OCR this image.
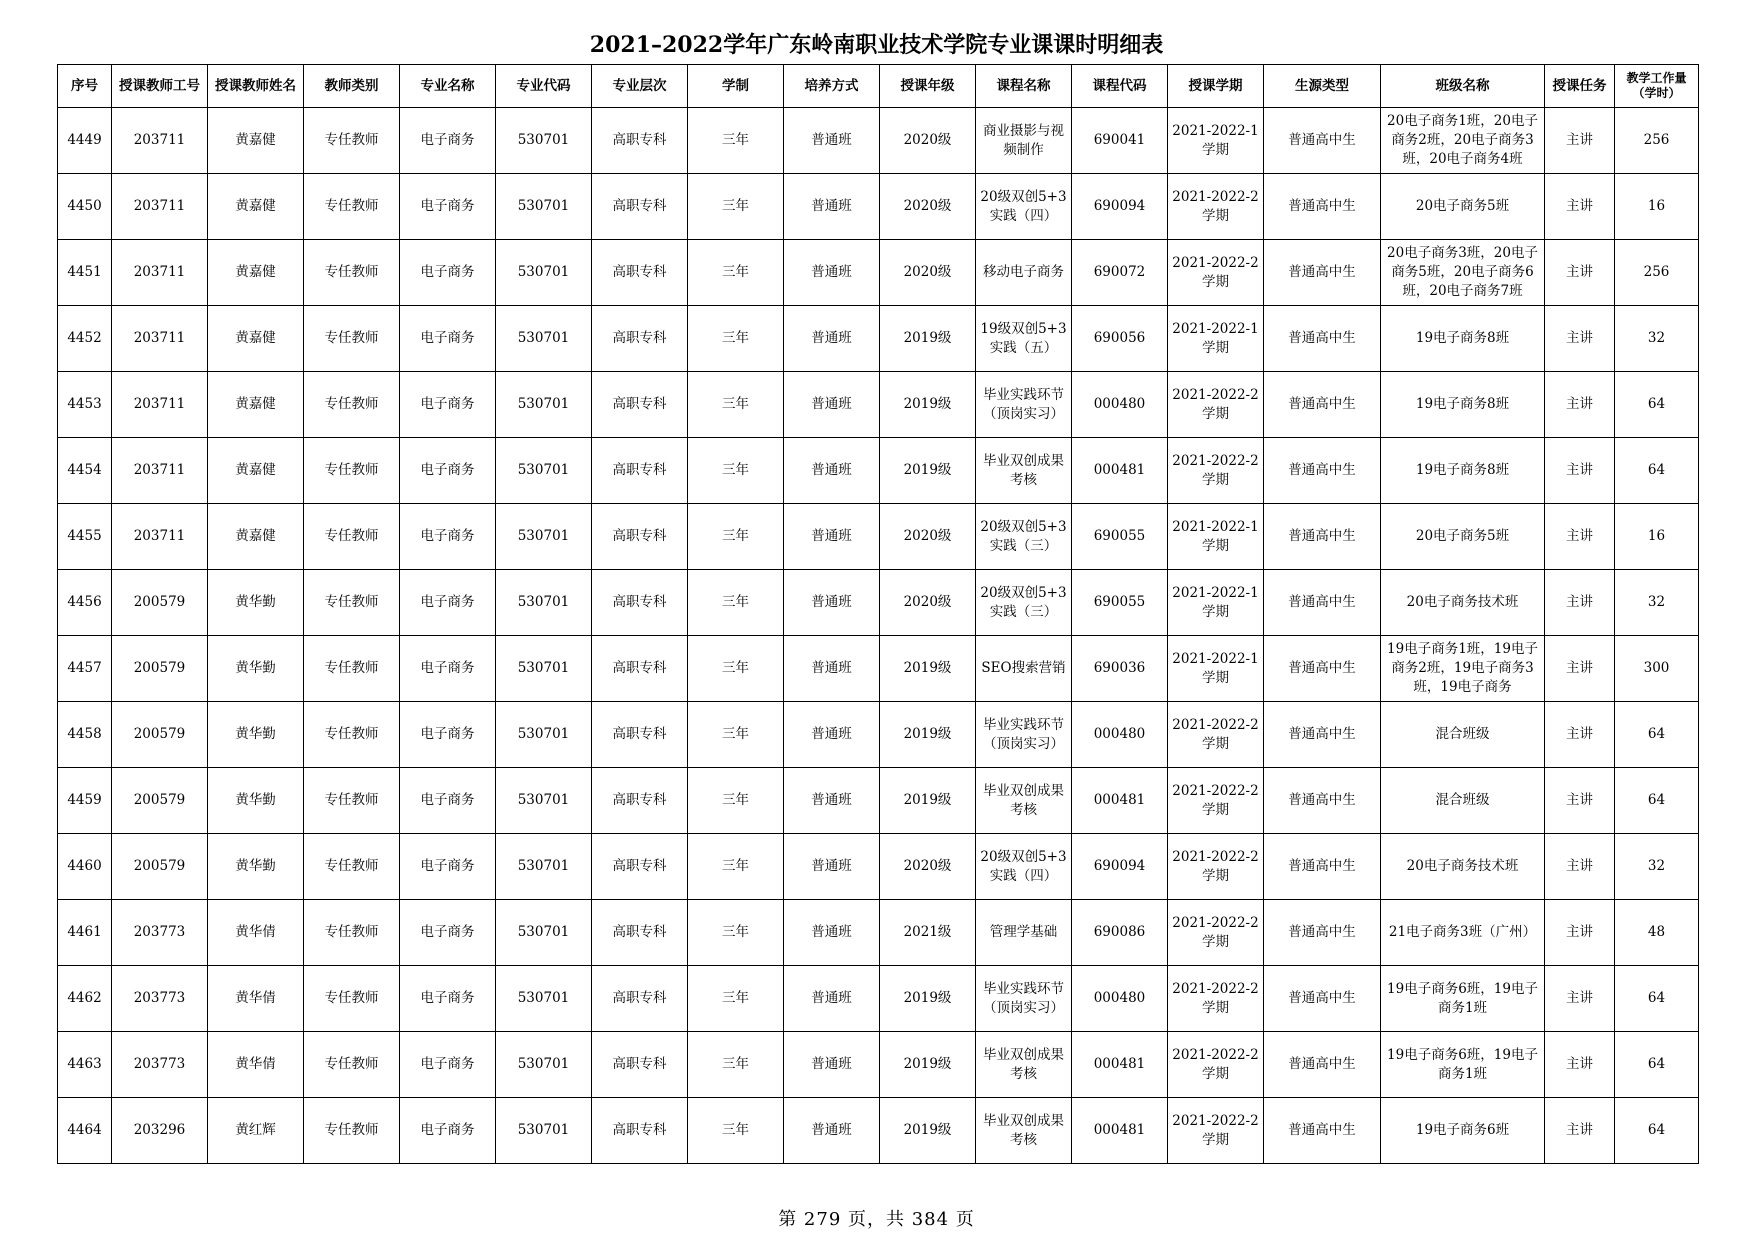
2021–2022学年广东岭南职业技术学院专业课课时明细表
序号	授课教师工号	授课教师姓名	教师类别	专业名称	专业代码	专业层次	学制	培养方式	授课年级	课程名称	课程代码	授课学期	生源类型	班级名称	授课任务	教学工作量（学时）

4449	203711	黄嘉健	专任教师	电子商务	530701	高职专科	三年	普通班	2020级	商业摄影与视频制作	690041	2021-2022-1学期	普通高中生	20电子商务1班，20电子商务2班，20电子商务3班，20电子商务4班	主讲	256

4450	203711	黄嘉健	专任教师	电子商务	530701	高职专科	三年	普通班	2020级	20级双创5+3实践（四）	690094	2021-2022-2学期	普通高中生	20电子商务5班	主讲	16

4451	203711	黄嘉健	专任教师	电子商务	530701	高职专科	三年	普通班	2020级	移动电子商务	690072	2021-2022-2学期	普通高中生	20电子商务3班，20电子商务5班，20电子商务6班，20电子商务7班	主讲	256

4452	203711	黄嘉健	专任教师	电子商务	530701	高职专科	三年	普通班	2019级	19级双创5+3实践（五）	690056	2021-2022-1学期	普通高中生	19电子商务8班	主讲	32

4453	203711	黄嘉健	专任教师	电子商务	530701	高职专科	三年	普通班	2019级	毕业实践环节（顶岗实习）	000480	2021-2022-2学期	普通高中生	19电子商务8班	主讲	64

4454	203711	黄嘉健	专任教师	电子商务	530701	高职专科	三年	普通班	2019级	毕业双创成果考核	000481	2021-2022-2学期	普通高中生	19电子商务8班	主讲	64

4455	203711	黄嘉健	专任教师	电子商务	530701	高职专科	三年	普通班	2020级	20级双创5+3实践（三）	690055	2021-2022-1学期	普通高中生	20电子商务5班	主讲	16

4456	200579	黄华勤	专任教师	电子商务	530701	高职专科	三年	普通班	2020级	20级双创5+3实践（三）	690055	2021-2022-1学期	普通高中生	20电子商务技术班	主讲	32

4457	200579	黄华勤	专任教师	电子商务	530701	高职专科	三年	普通班	2019级	SEO搜索营销	690036	2021-2022-1学期	普通高中生	19电子商务1班，19电子商务2班，19电子商务3班，19电子商务	主讲	300

4458	200579	黄华勤	专任教师	电子商务	530701	高职专科	三年	普通班	2019级	毕业实践环节（顶岗实习）	000480	2021-2022-2学期	普通高中生	混合班级	主讲	64

4459	200579	黄华勤	专任教师	电子商务	530701	高职专科	三年	普通班	2019级	毕业双创成果考核	000481	2021-2022-2学期	普通高中生	混合班级	主讲	64

4460	200579	黄华勤	专任教师	电子商务	530701	高职专科	三年	普通班	2020级	20级双创5+3实践（四）	690094	2021-2022-2学期	普通高中生	20电子商务技术班	主讲	32

4461	203773	黄华倩	专任教师	电子商务	530701	高职专科	三年	普通班	2021级	管理学基础	690086	2021-2022-2学期	普通高中生	21电子商务3班（广州）	主讲	48

4462	203773	黄华倩	专任教师	电子商务	530701	高职专科	三年	普通班	2019级	毕业实践环节（顶岗实习）	000480	2021-2022-2学期	普通高中生	19电子商务6班，19电子商务1班	主讲	64

4463	203773	黄华倩	专任教师	电子商务	530701	高职专科	三年	普通班	2019级	毕业双创成果考核	000481	2021-2022-2学期	普通高中生	19电子商务6班，19电子商务1班	主讲	64

4464	203296	黄红辉	专任教师	电子商务	530701	高职专科	三年	普通班	2019级	毕业双创成果考核	000481	2021-2022-2学期	普通高中生	19电子商务6班	主讲	64
第 279 页，共 384 页
